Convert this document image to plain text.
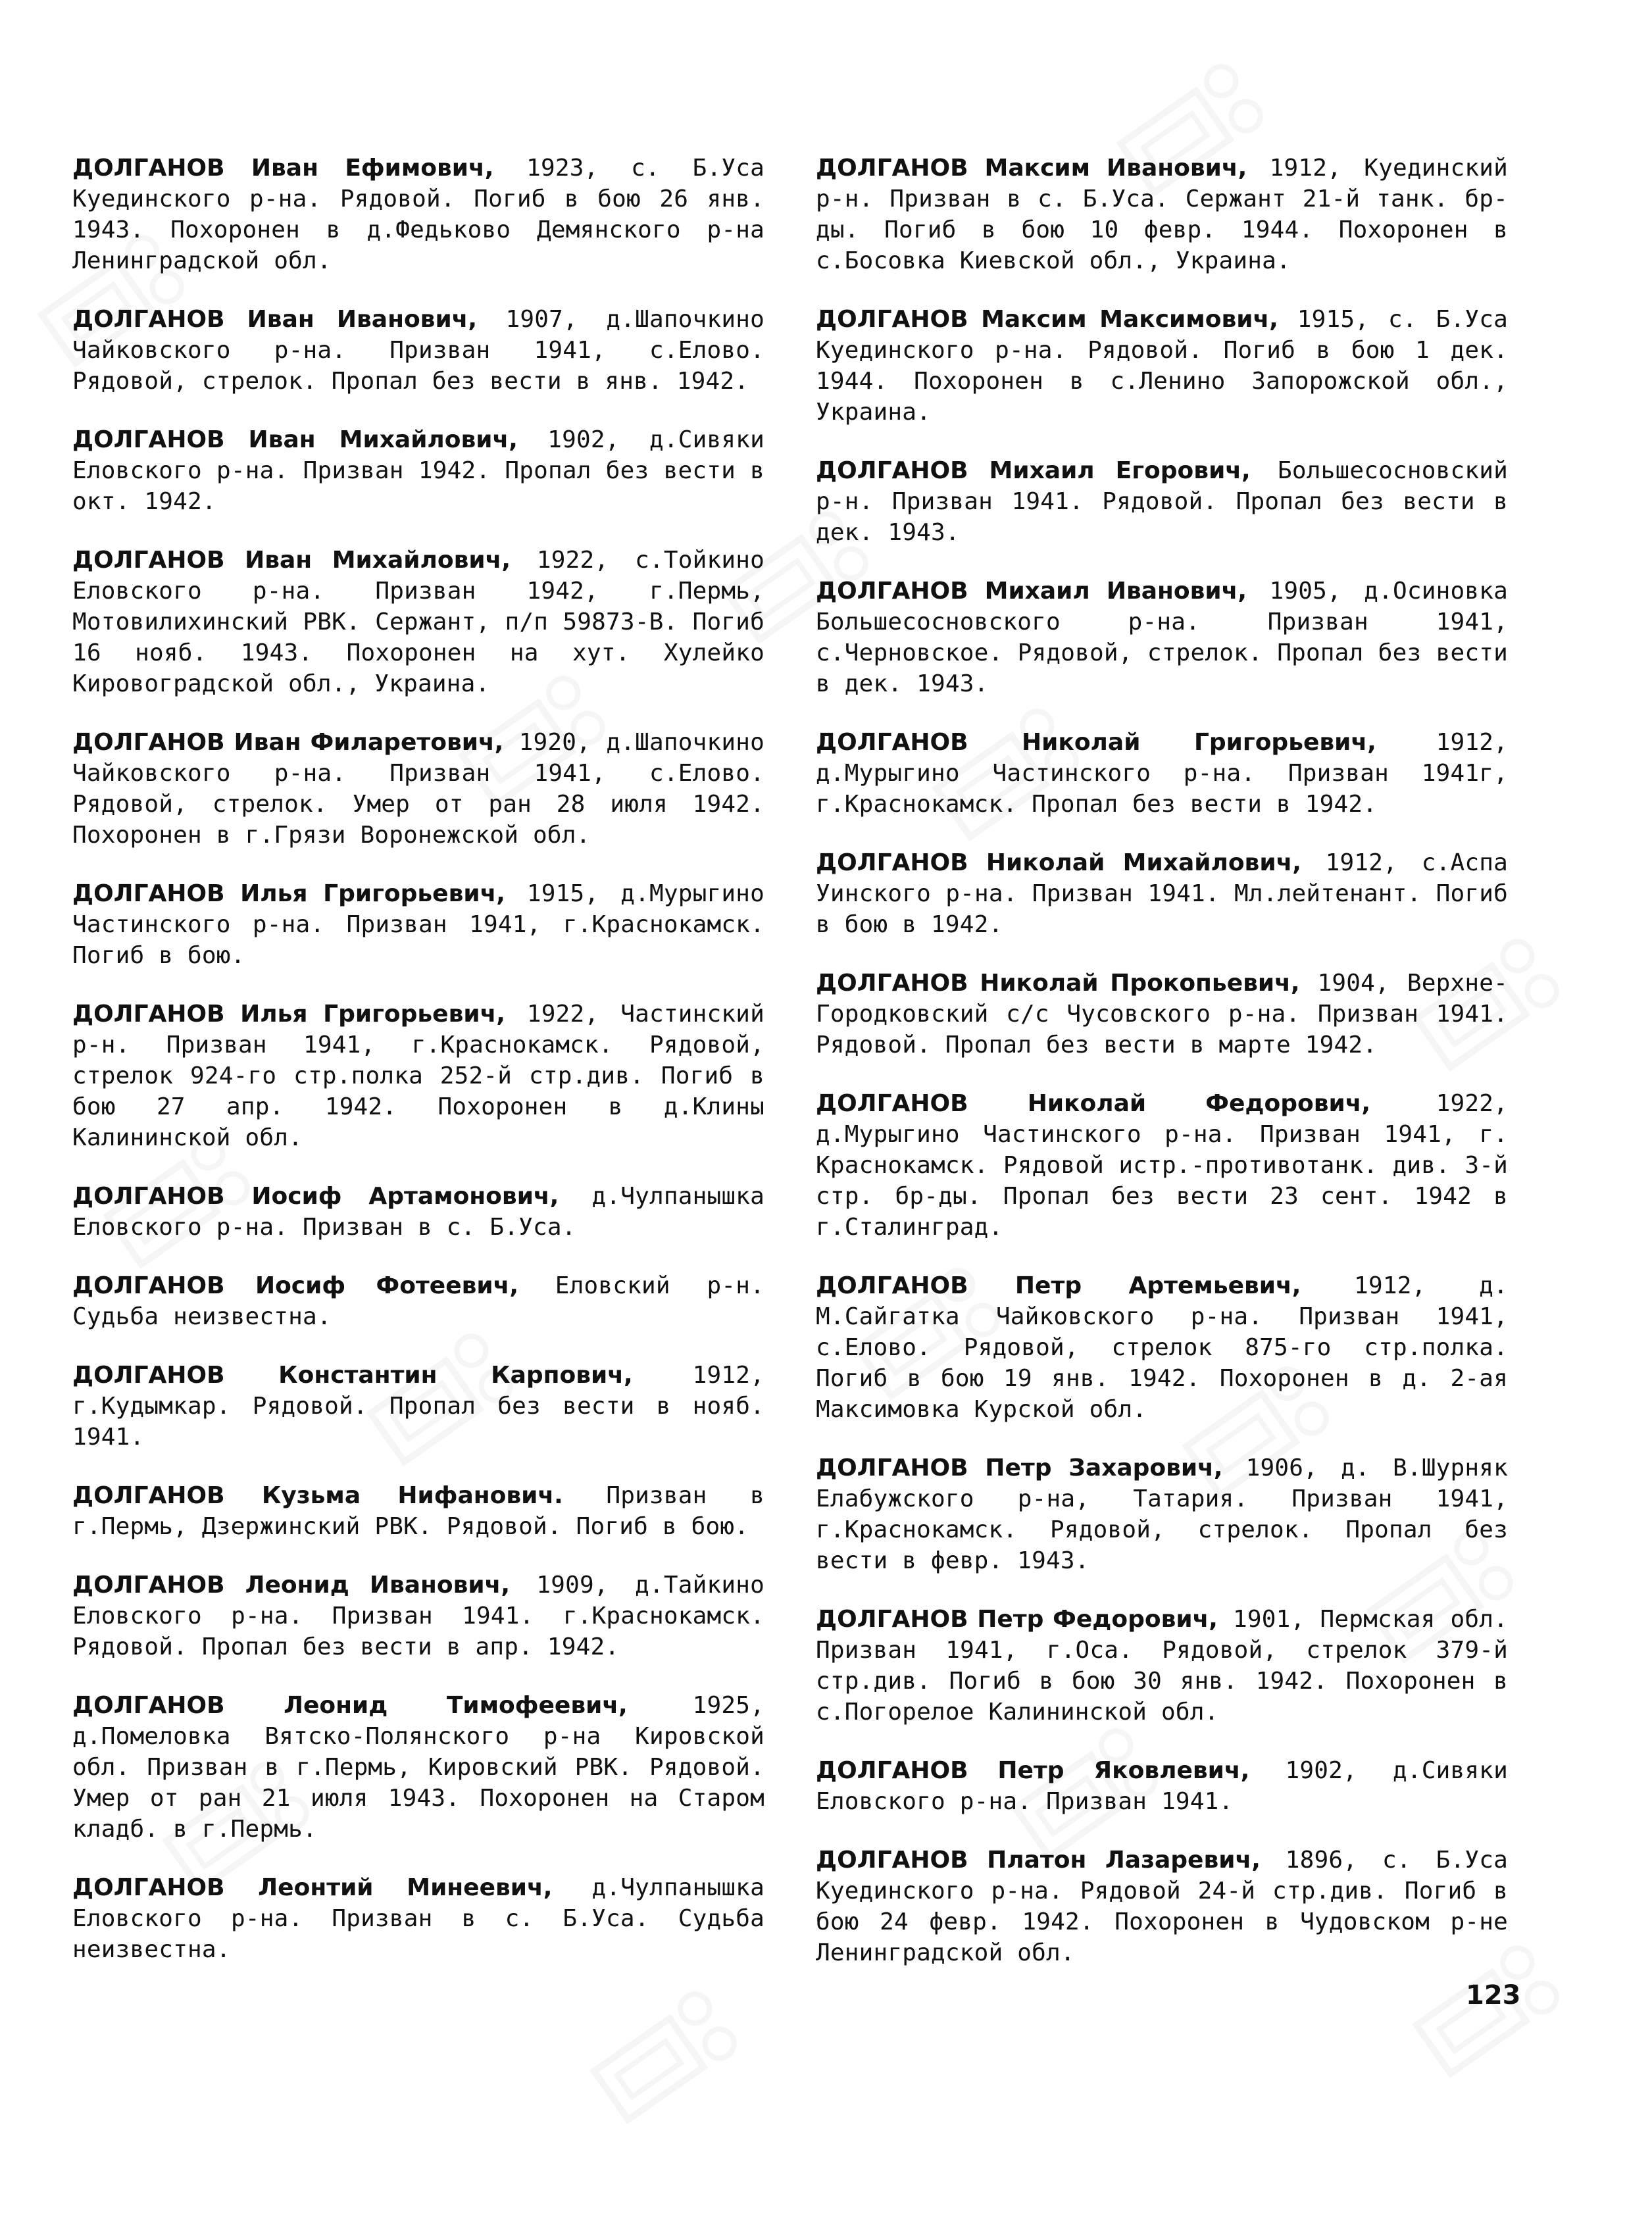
ДОЛГАНОВ Иван Ефимович, 1923, с. Б.Уса Куединского р-на. Рядовой. Погиб в бою 26 янв. 1943. Похоронен в д.Федьково Демянского р-на Ленинградской обл.

ДОЛГАНОВ Иван Иванович, 1907, д.Шапочкино Чайковского р-на. Призван 1941, с.Елово. Рядовой, стрелок. Пропал без вести в янв. 1942.

ДОЛГАНОВ Иван Михайлович, 1902, д.Сивяки Еловского р-на. Призван 1942. Пропал без вести в окт. 1942.

ДОЛГАНОВ Иван Михайлович, 1922, с.Тойкино Еловского р-на. Призван 1942, г.Пермь, Мотовилихинский РВК. Сержант, п/п 59873-В. Погиб 16 нояб. 1943. Похоронен на хут. Хулейко Кировоградской обл., Украина.

ДОЛГАНОВ Иван Филаретович, 1920, д.Шапочкино Чайковского р-на. Призван 1941, с.Елово. Рядовой, стрелок. Умер от ран 28 июля 1942. Похоронен в г.Грязи Воронежской обл.

ДОЛГАНОВ Илья Григорьевич, 1915, д.Мурыгино Частинского р-на. Призван 1941, г.Краснокамск. Погиб в бою.

ДОЛГАНОВ Илья Григорьевич, 1922, Частинский р-н. Призван 1941, г.Краснокамск. Рядовой, стрелок 924-го стр.полка 252-й стр.див. Погиб в бою 27 апр. 1942. Похоронен в д.Клины Калининской обл.

ДОЛГАНОВ Иосиф Артамонович, д.Чулпанышка Еловского р-на. Призван в с. Б.Уса.

ДОЛГАНОВ Иосиф Фотеевич, Еловский р-н. Судьба неизвестна.

ДОЛГАНОВ Константин Карпович, 1912, г.Кудымкар. Рядовой. Пропал без вести в нояб. 1941.

ДОЛГАНОВ Кузьма Нифанович. Призван в г.Пермь, Дзержинский РВК. Рядовой. Погиб в бою.

ДОЛГАНОВ Леонид Иванович, 1909, д.Тайкино Еловского р-на. Призван 1941. г.Краснокамск. Рядовой. Пропал без вести в апр. 1942.

ДОЛГАНОВ Леонид Тимофеевич, 1925, д.Помеловка Вятско-Полянского р-на Кировской обл. Призван в г.Пермь, Кировский РВК. Рядовой. Умер от ран 21 июля 1943. Похоронен на Старом кладб. в г.Пермь.

ДОЛГАНОВ Леонтий Минеевич, д.Чулпанышка Еловского р-на. Призван в с. Б.Уса. Судьба неизвестна.

ДОЛГАНОВ Максим Иванович, 1912, Куединский р-н. Призван в с. Б.Уса. Сержант 21-й танк. бр-ды. Погиб в бою 10 февр. 1944. Похоронен в с.Босовка Киевской обл., Украина.

ДОЛГАНОВ Максим Максимович, 1915, с. Б.Уса Куединского р-на. Рядовой. Погиб в бою 1 дек. 1944. Похоронен в с.Ленино Запорожской обл., Украина.

ДОЛГАНОВ Михаил Егорович, Большесосновский р-н. Призван 1941. Рядовой. Пропал без вести в дек. 1943.

ДОЛГАНОВ Михаил Иванович, 1905, д.Осиновка Большесосновского р-на. Призван 1941, с.Черновское. Рядовой, стрелок. Пропал без вести в дек. 1943.

ДОЛГАНОВ Николай Григорьевич, 1912, д.Мурыгино Частинского р-на. Призван 1941г, г.Краснокамск. Пропал без вести в 1942.

ДОЛГАНОВ Николай Михайлович, 1912, с.Аспа Уинского р-на. Призван 1941. Мл.лейтенант. Погиб в бою в 1942.

ДОЛГАНОВ Николай Прокопьевич, 1904, Верхне-Городковский с/с Чусовского р-на. Призван 1941. Рядовой. Пропал без вести в марте 1942.

ДОЛГАНОВ Николай Федорович, 1922, д.Мурыгино Частинского р-на. Призван 1941, г. Краснокамск. Рядовой истр.-противотанк. див. 3-й стр. бр-ды. Пропал без вести 23 сент. 1942 в г.Сталинград.

ДОЛГАНОВ Петр Артемьевич, 1912, д. М.Сайгатка Чайковского р-на. Призван 1941, с.Елово. Рядовой, стрелок 875-го стр.полка. Погиб в бою 19 янв. 1942. Похоронен в д. 2-ая Максимовка Курской обл.

ДОЛГАНОВ Петр Захарович, 1906, д. В.Шурняк Елабужского р-на, Татария. Призван 1941, г.Краснокамск. Рядовой, стрелок. Пропал без вести в февр. 1943.

ДОЛГАНОВ Петр Федорович, 1901, Пермская обл. Призван 1941, г.Оса. Рядовой, стрелок 379-й стр.див. Погиб в бою 30 янв. 1942. Похоронен в с.Погорелое Калининской обл.

ДОЛГАНОВ Петр Яковлевич, 1902, д.Сивяки Еловского р-на. Призван 1941.

ДОЛГАНОВ Платон Лазаревич, 1896, с. Б.Уса Куединского р-на. Рядовой 24-й стр.див. Погиб в бою 24 февр. 1942. Похоронен в Чудовском р-не Ленинградской обл.

123
